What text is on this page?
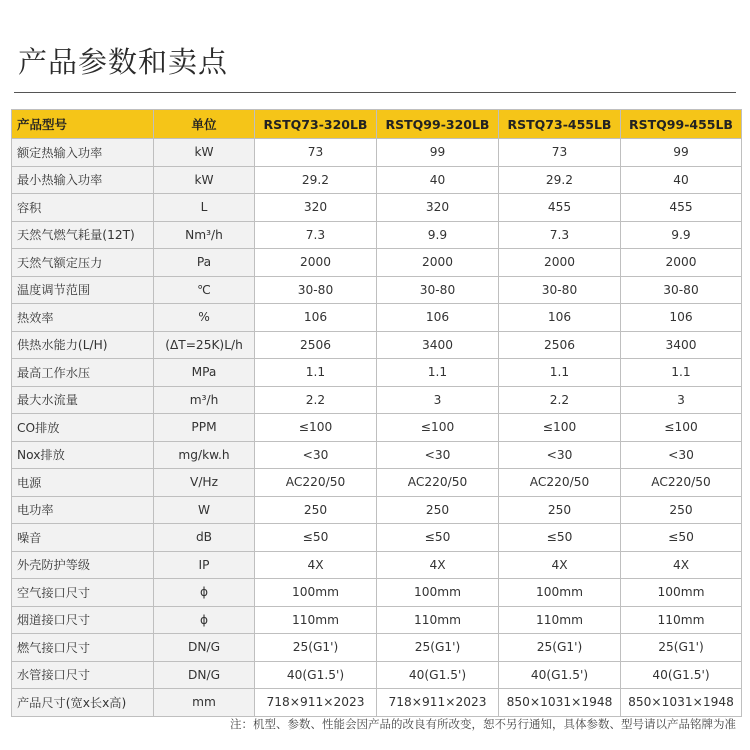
产品参数和卖点
产品型号	单位	RSTQ73-320LB	RSTQ99-320LB	RSTQ73-455LB	RSTQ99-455LB
额定热输入功率	kW	73	99	73	99
最小热输入功率	kW	29.2	40	29.2	40
容积	L	320	320	455	455
天然气燃气耗量(12T)	Nm³/h	7.3	9.9	7.3	9.9
天然气额定压力	Pa	2000	2000	2000	2000
温度调节范围	℃	30-80	30-80	30-80	30-80
热效率	%	106	106	106	106
供热水能力(L/H)	(ΔT=25K)L/h	2506	3400	2506	3400
最高工作水压	MPa	1.1	1.1	1.1	1.1
最大水流量	m³/h	2.2	3	2.2	3
CO排放	PPM	≤100	≤100	≤100	≤100
Nox排放	mg/kw.h	<30	<30	<30	<30
电源	V/Hz	AC220/50	AC220/50	AC220/50	AC220/50
电功率	W	250	250	250	250
噪音	dB	≤50	≤50	≤50	≤50
外壳防护等级	IP	4X	4X	4X	4X
空气接口尺寸	ϕ	100mm	100mm	100mm	100mm
烟道接口尺寸	ϕ	110mm	110mm	110mm	110mm
燃气接口尺寸	DN/G	25(G1')	25(G1')	25(G1')	25(G1')
水管接口尺寸	DN/G	40(G1.5')	40(G1.5')	40(G1.5')	40(G1.5')
产品尺寸(宽x长x高)	mm	718×911×2023	718×911×2023	850×1031×1948	850×1031×1948
注：机型、参数、性能会因产品的改良有所改变，恕不另行通知，具体参数、型号请以产品铭牌为准
